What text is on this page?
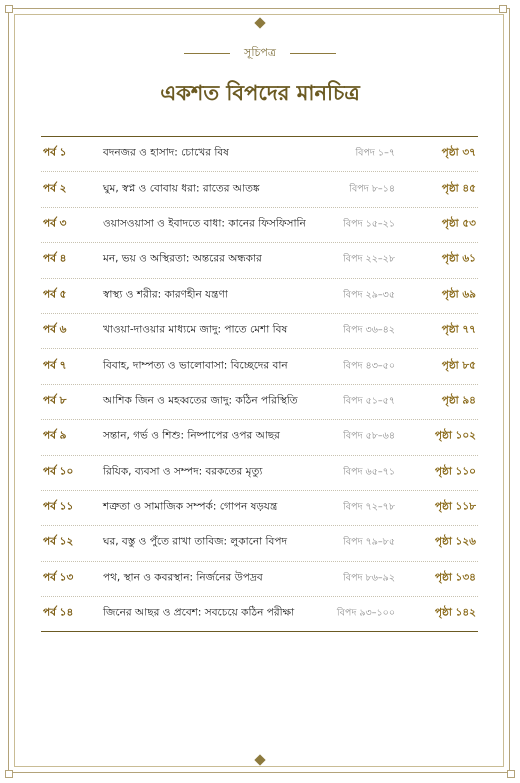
সূচিপত্র
একশত বিপদের মানচিত্র
পর্ব ১	বদনজর ও হাসাদ: চোখের বিষ	বিপদ ১–৭	পৃষ্ঠা ৩৭
পর্ব ২	ঘুম, স্বপ্ন ও বোবায় ধরা: রাতের আতঙ্ক	বিপদ ৮–১৪	পৃষ্ঠা ৪৫
পর্ব ৩	ওয়াসওয়াসা ও ইবাদতে বাধা: কানের ফিসফিসানি	বিপদ ১৫–২১	পৃষ্ঠা ৫৩
পর্ব ৪	মন, ভয় ও অস্থিরতা: অন্তরের অন্ধকার	বিপদ ২২–২৮	পৃষ্ঠা ৬১
পর্ব ৫	স্বাস্থ্য ও শরীর: কারণহীন যন্ত্রণা	বিপদ ২৯–৩৫	পৃষ্ঠা ৬৯
পর্ব ৬	খাওয়া-দাওয়ার মাধ্যমে জাদু: পাতে মেশা বিষ	বিপদ ৩৬–৪২	পৃষ্ঠা ৭৭
পর্ব ৭	বিবাহ, দাম্পত্য ও ভালোবাসা: বিচ্ছেদের বান	বিপদ ৪৩–৫০	পৃষ্ঠা ৮৫
পর্ব ৮	আশিক জিন ও মহব্বতের জাদু: কঠিন পরিস্থিতি	বিপদ ৫১–৫৭	পৃষ্ঠা ৯৪
পর্ব ৯	সন্তান, গর্ভ ও শিশু: নিষ্পাপের ওপর আছর	বিপদ ৫৮–৬৪	পৃষ্ঠা ১০২
পর্ব ১০	রিযিক, ব্যবসা ও সম্পদ: বরকতের মৃত্যু	বিপদ ৬৫–৭১	পৃষ্ঠা ১১০
পর্ব ১১	শত্রুতা ও সামাজিক সম্পর্ক: গোপন ষড়যন্ত্র	বিপদ ৭২–৭৮	পৃষ্ঠা ১১৮
পর্ব ১২	ঘর, বস্তু ও পুঁতে রাখা তাবিজ: লুকানো বিপদ	বিপদ ৭৯–৮৫	পৃষ্ঠা ১২৬
পর্ব ১৩	পথ, স্থান ও কবরস্থান: নির্জনের উপদ্রব	বিপদ ৮৬–৯২	পৃষ্ঠা ১৩৪
পর্ব ১৪	জিনের আছর ও প্রবেশ: সবচেয়ে কঠিন পরীক্ষা	বিপদ ৯৩–১০০	পৃষ্ঠা ১৪২
